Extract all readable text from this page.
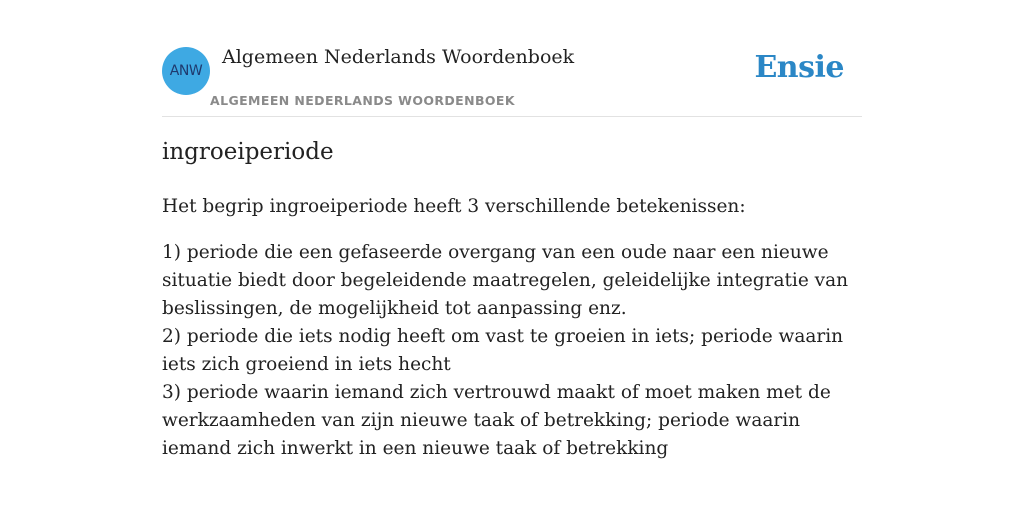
ANW
Algemeen Nederlands Woordenboek
ALGEMEEN NEDERLANDS WOORDENBOEK
Ensie
ingroeiperiode

Het begrip ingroeiperiode heeft 3 verschillende betekenissen:

1) periode die een gefaseerde overgang van een oude naar een nieuwe situatie biedt door begeleidende maatregelen, geleidelijke integratie van beslissingen, de mogelijkheid tot aanpassing enz.

2) periode die iets nodig heeft om vast te groeien in iets; periode waarin iets zich groeiend in iets hecht

3) periode waarin iemand zich vertrouwd maakt of moet maken met de werkzaamheden van zijn nieuwe taak of betrekking; periode waarin iemand zich inwerkt in een nieuwe taak of betrekking
